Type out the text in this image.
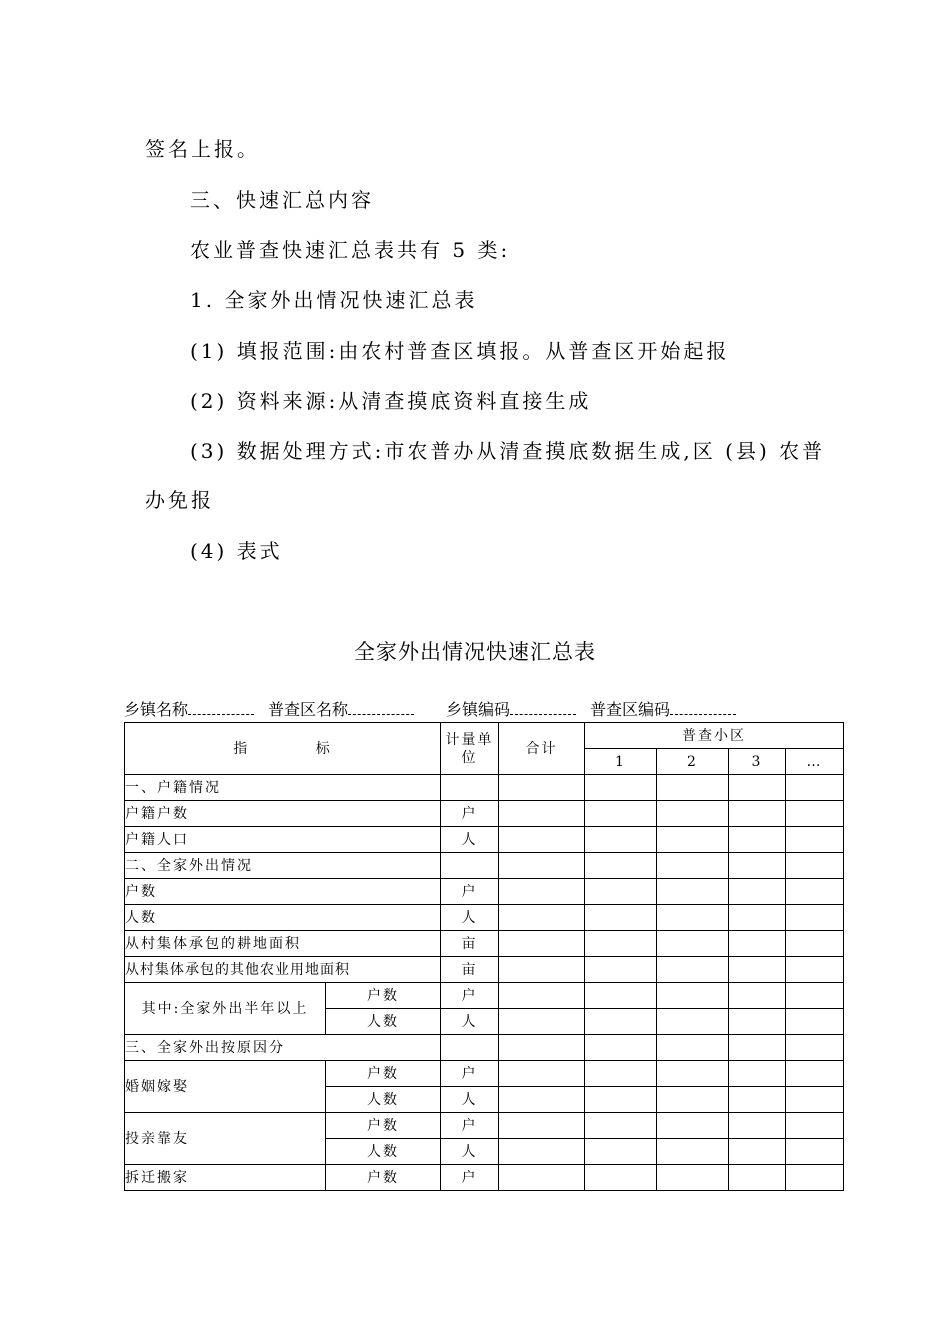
签名上报。
三、快速汇总内容
农业普查快速汇总表共有 5 类:
1. 全家外出情况快速汇总表
(1) 填报范围:由农村普查区填报。从普查区开始起报
(2) 资料来源:从清查摸底资料直接生成
(3) 数据处理方式:市农普办从清查摸底数据生成,区 (县) 农普
办免报
(4) 表式
全家外出情况快速汇总表
乡镇名称	普查区名称	乡镇编码	普查区编码
指 标		计量单位	合计	普查小区			
				1	2	3	…
一、户籍情况							
户籍户数		户					
户籍人口		人					
二、全家外出情况							
户数		户					
人数		人					
从村集体承包的耕地面积		亩					
从村集体承包的其他农业用地面积		亩					
其中:全家外出半年以上	户数	户					
	人数	人					
三、全家外出按原因分							
婚姻嫁娶	户数	户					
	人数	人					
投亲靠友	户数	户					
	人数	人					
拆迁搬家	户数	户					
